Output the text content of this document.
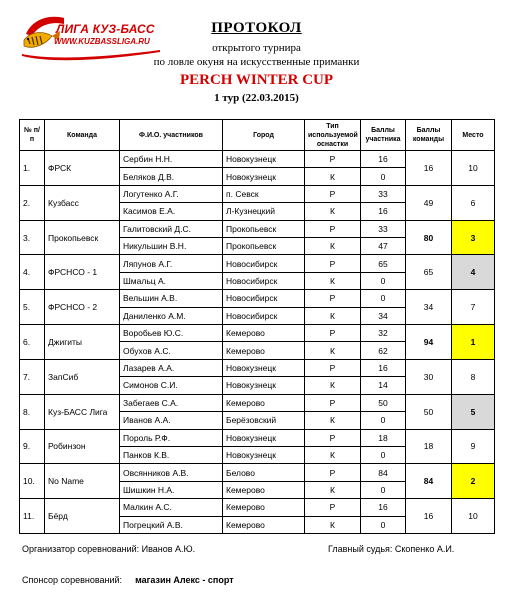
ЛИГА КУЗ-БАСС
WWW.KUZBASSLIGA.RU
ПРОТОКОЛ
открытого турнира
по ловле окуня на искусственные приманки
PERCH WINTER CUP
1 тур (22.03.2015)
№ п/п	Команда	Ф.И.О. участников	Город	Тип используемой оснастки	Баллы участника	Баллы команды	Место
1.	ФРСК	Сербин Н.Н.	Новокузнецк	Р	16	16	10
		Беляков Д.В.	Новокузнецк	К	0		
2.	Кузбасс	Логутенко А.Г.	п. Севск	Р	33	49	6
		Касимов Е.А.	Л-Кузнецкий	К	16		
3.	Прокопьевск	Галитовский Д.С.	Прокопьевск	Р	33	80	3
		Никульшин В.Н.	Прокопьевск	К	47		
4.	ФРСНСО - 1	Ляпунов А.Г.	Новосибирск	Р	65	65	4
		Шмальц А.	Новосибирск	К	0		
5.	ФРСНСО - 2	Вельшин А.В.	Новосибирск	Р	0	34	7
		Даниленко А.М.	Новосибирск	К	34		
6.	Джигиты	Воробьев Ю.С.	Кемерово	Р	32	94	1
		Обухов А.С.	Кемерово	К	62		
7.	ЗапСиб	Лазарев А.А.	Новокузнецк	Р	16	30	8
		Симонов С.И.	Новокузнецк	К	14		
8.	Куз-БАСС Лига	Забегаев С.А.	Кемерово	Р	50	50	5
		Иванов А.А.	Берёзовский	К	0		
9.	Робинзон	Пороль Р.Ф.	Новокузнецк	Р	18	18	9
		Панков К.В.	Новокузнецк	К	0		
10.	No Name	Овсянников А.В.	Белово	Р	84	84	2
		Шишкин Н.А.	Кемерово	К	0		
11.	Бёрд	Малкин А.С.	Кемерово	Р	16	16	10
		Погрецкий А.В.	Кемерово	К	0		
Организатор соревнований: Иванов А.Ю.	Главный судья: Скопенко А.И.
Спонсор соревнований: магазин Алекс - спорт
